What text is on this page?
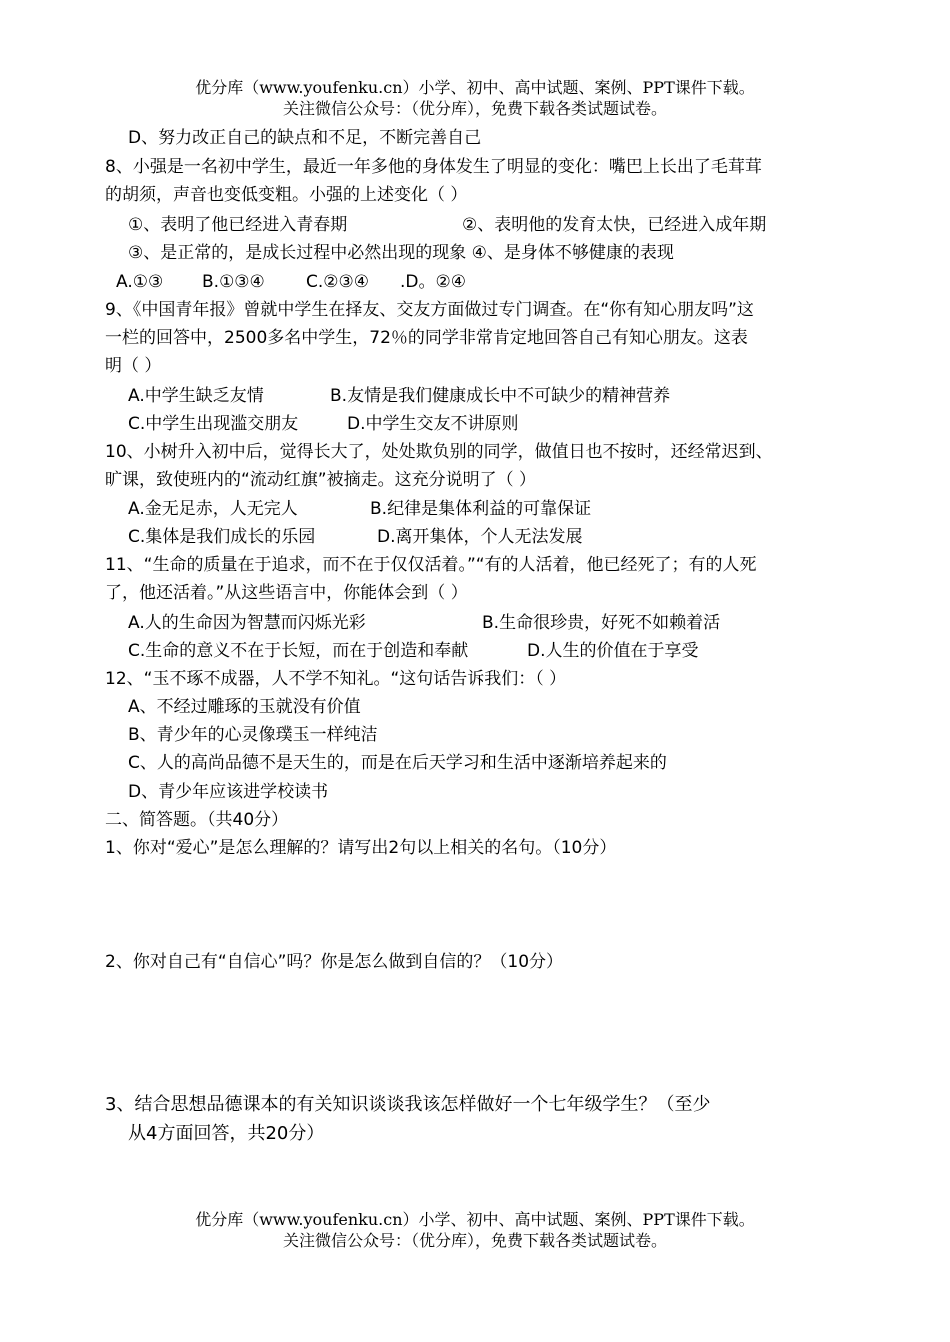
优分库（www.youfenku.cn）小学、初中、高中试题、案例、PPT课件下载。
关注微信公众号：（优分库），免费下载各类试题试卷。
D、努力改正自己的缺点和不足，不断完善自己
8、小强是一名初中学生，最近一年多他的身体发生了明显的变化：嘴巴上长出了毛茸茸
的胡须，声音也变低变粗。小强的上述变化（ ）
①、表明了他已经进入青春期	②、表明他的发育太快，已经进入成年期
③、是正常的，是成长过程中必然出现的现象 ④、是身体不够健康的表现
A.①③ B.①③④ C.②③④ .D。②④
9、《中国青年报》曾就中学生在择友、交友方面做过专门调查。在“你有知心朋友吗”这
一栏的回答中，2500多名中学生，72％的同学非常肯定地回答自己有知心朋友。这表
明（ ）
A.中学生缺乏友情	B.友情是我们健康成长中不可缺少的精神营养
C.中学生出现滥交朋友	D.中学生交友不讲原则
10、小树升入初中后，觉得长大了，处处欺负别的同学，做值日也不按时，还经常迟到、
旷课，致使班内的“流动红旗”被摘走。这充分说明了（ ）
A.金无足赤，人无完人	B.纪律是集体利益的可靠保证
C.集体是我们成长的乐园	D.离开集体，个人无法发展
11、“生命的质量在于追求，而不在于仅仅活着。”“有的人活着，他已经死了；有的人死
了，他还活着。”从这些语言中，你能体会到（ ）
A.人的生命因为智慧而闪烁光彩	B.生命很珍贵，好死不如赖着活
C.生命的意义不在于长短，而在于创造和奉献	D.人生的价值在于享受
12、“玉不琢不成器，人不学不知礼。“这句话告诉我们：（ ）
A、不经过雕琢的玉就没有价值
B、青少年的心灵像璞玉一样纯洁
C、人的高尚品德不是天生的，而是在后天学习和生活中逐渐培养起来的
D、青少年应该进学校读书
二、简答题。（共40分）
1、你对“爱心”是怎么理解的？请写出2句以上相关的名句。（10分）
2、你对自己有“自信心”吗？你是怎么做到自信的？（10分）
3、结合思想品德课本的有关知识谈谈我该怎样做好一个七年级学生？（至少
从4方面回答，共20分）
优分库（www.youfenku.cn）小学、初中、高中试题、案例、PPT课件下载。
关注微信公众号：（优分库），免费下载各类试题试卷。
